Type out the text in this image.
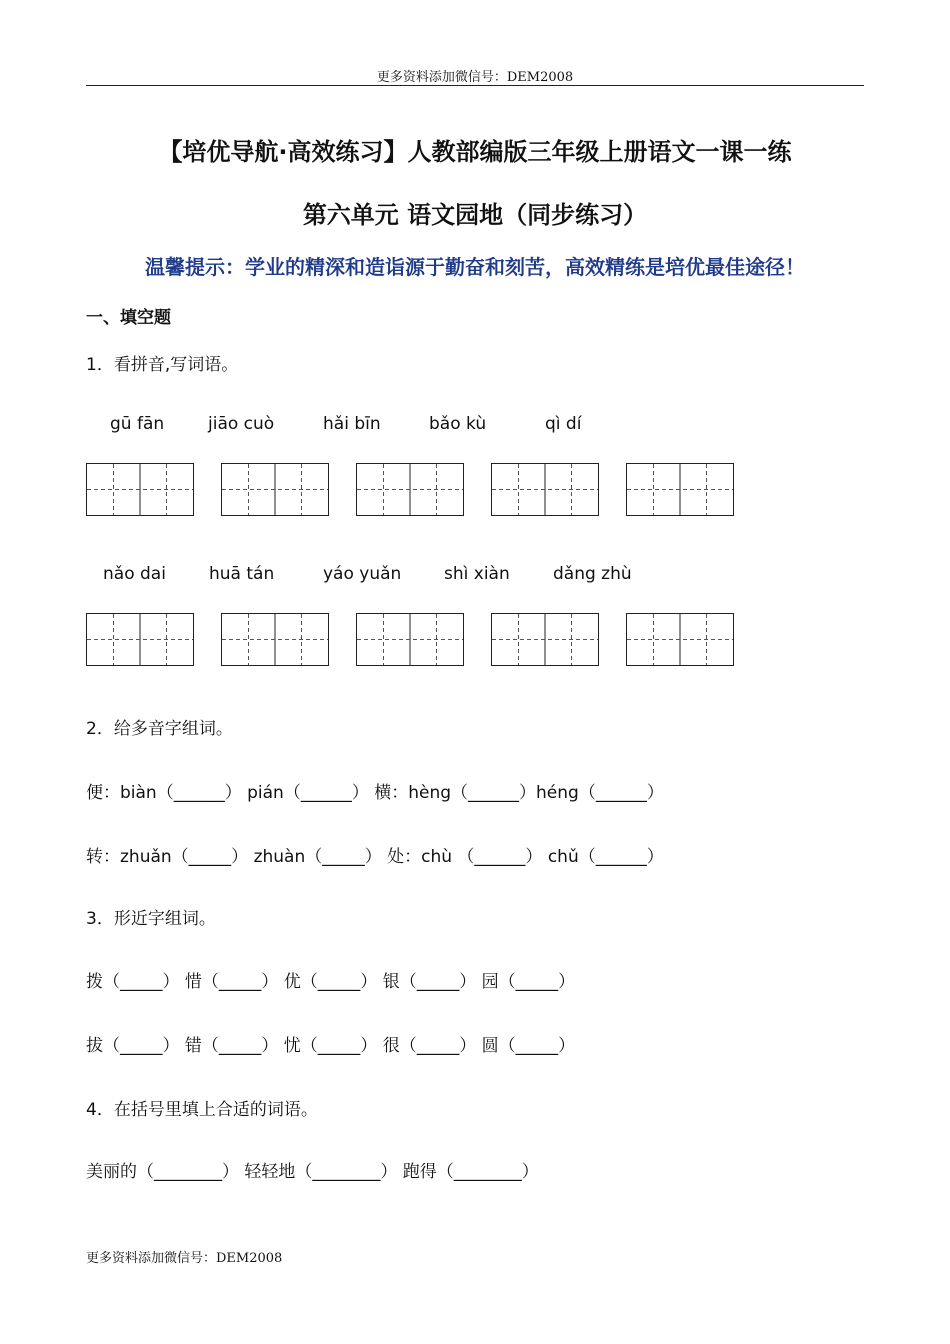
更多资料添加微信号：DEM2008
【培优导航·高效练习】人教部编版三年级上册语文一课一练
第六单元 语文园地（同步练习）
温馨提示：学业的精深和造诣源于勤奋和刻苦，高效精练是培优最佳途径！
一、填空题
1．看拼音,写词语。
gū fān	jiāo cuò	hǎi bīn	bǎo kù	qì dí
nǎo dai	huā tán	yáo yuǎn	shì xiàn	dǎng zhù
2．给多音字组词。
便：biàn（______） pián（______） 横：hèng（______）héng（______）
转：zhuǎn（_____） zhuàn（_____） 处：chù （______） chǔ（______）
3．形近字组词。
拨（_____） 惜（_____） 优（_____） 银（_____） 园（_____）
拔（_____） 错（_____） 忧（_____） 很（_____） 圆（_____）
4．在括号里填上合适的词语。
美丽的（________） 轻轻地（________） 跑得（________）
更多资料添加微信号：DEM2008
